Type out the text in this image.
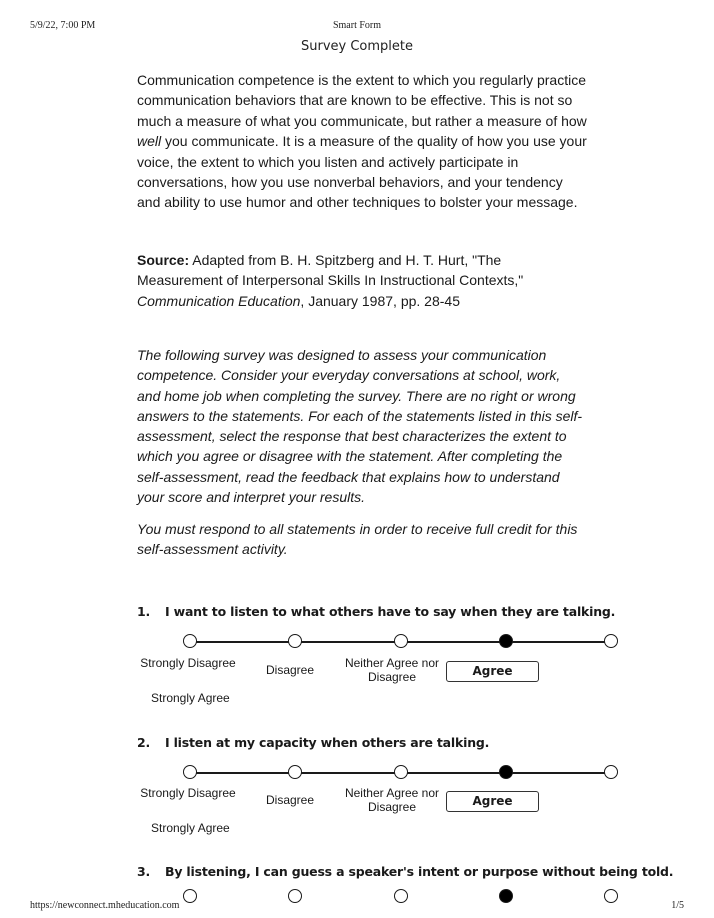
5/9/22, 7:00 PM	Smart Form
Survey Complete
Communication competence is the extent to which you regularly practice communication behaviors that are known to be effective. This is not so much a measure of what you communicate, but rather a measure of how well you communicate. It is a measure of the quality of how you use your voice, the extent to which you listen and actively participate in conversations, how you use nonverbal behaviors, and your tendency and ability to use humor and other techniques to bolster your message.
Source: Adapted from B. H. Spitzberg and H. T. Hurt, "The Measurement of Interpersonal Skills In Instructional Contexts," Communication Education, January 1987, pp. 28-45
The following survey was designed to assess your communication competence. Consider your everyday conversations at school, work, and home job when completing the survey. There are no right or wrong answers to the statements. For each of the statements listed in this self-assessment, select the response that best characterizes the extent to which you agree or disagree with the statement. After completing the self-assessment, read the feedback that explains how to understand your score and interpret your results.
You must respond to all statements in order to receive full credit for this self-assessment activity.
1. I want to listen to what others have to say when they are talking.
Strongly Disagree	Disagree	Neither Agree nor Disagree	Agree
Strongly Agree
2. I listen at my capacity when others are talking.
Strongly Disagree	Disagree	Neither Agree nor Disagree	Agree
Strongly Agree
3. By listening, I can guess a speaker's intent or purpose without being told.
https://newconnect.mheducation.com	1/5
